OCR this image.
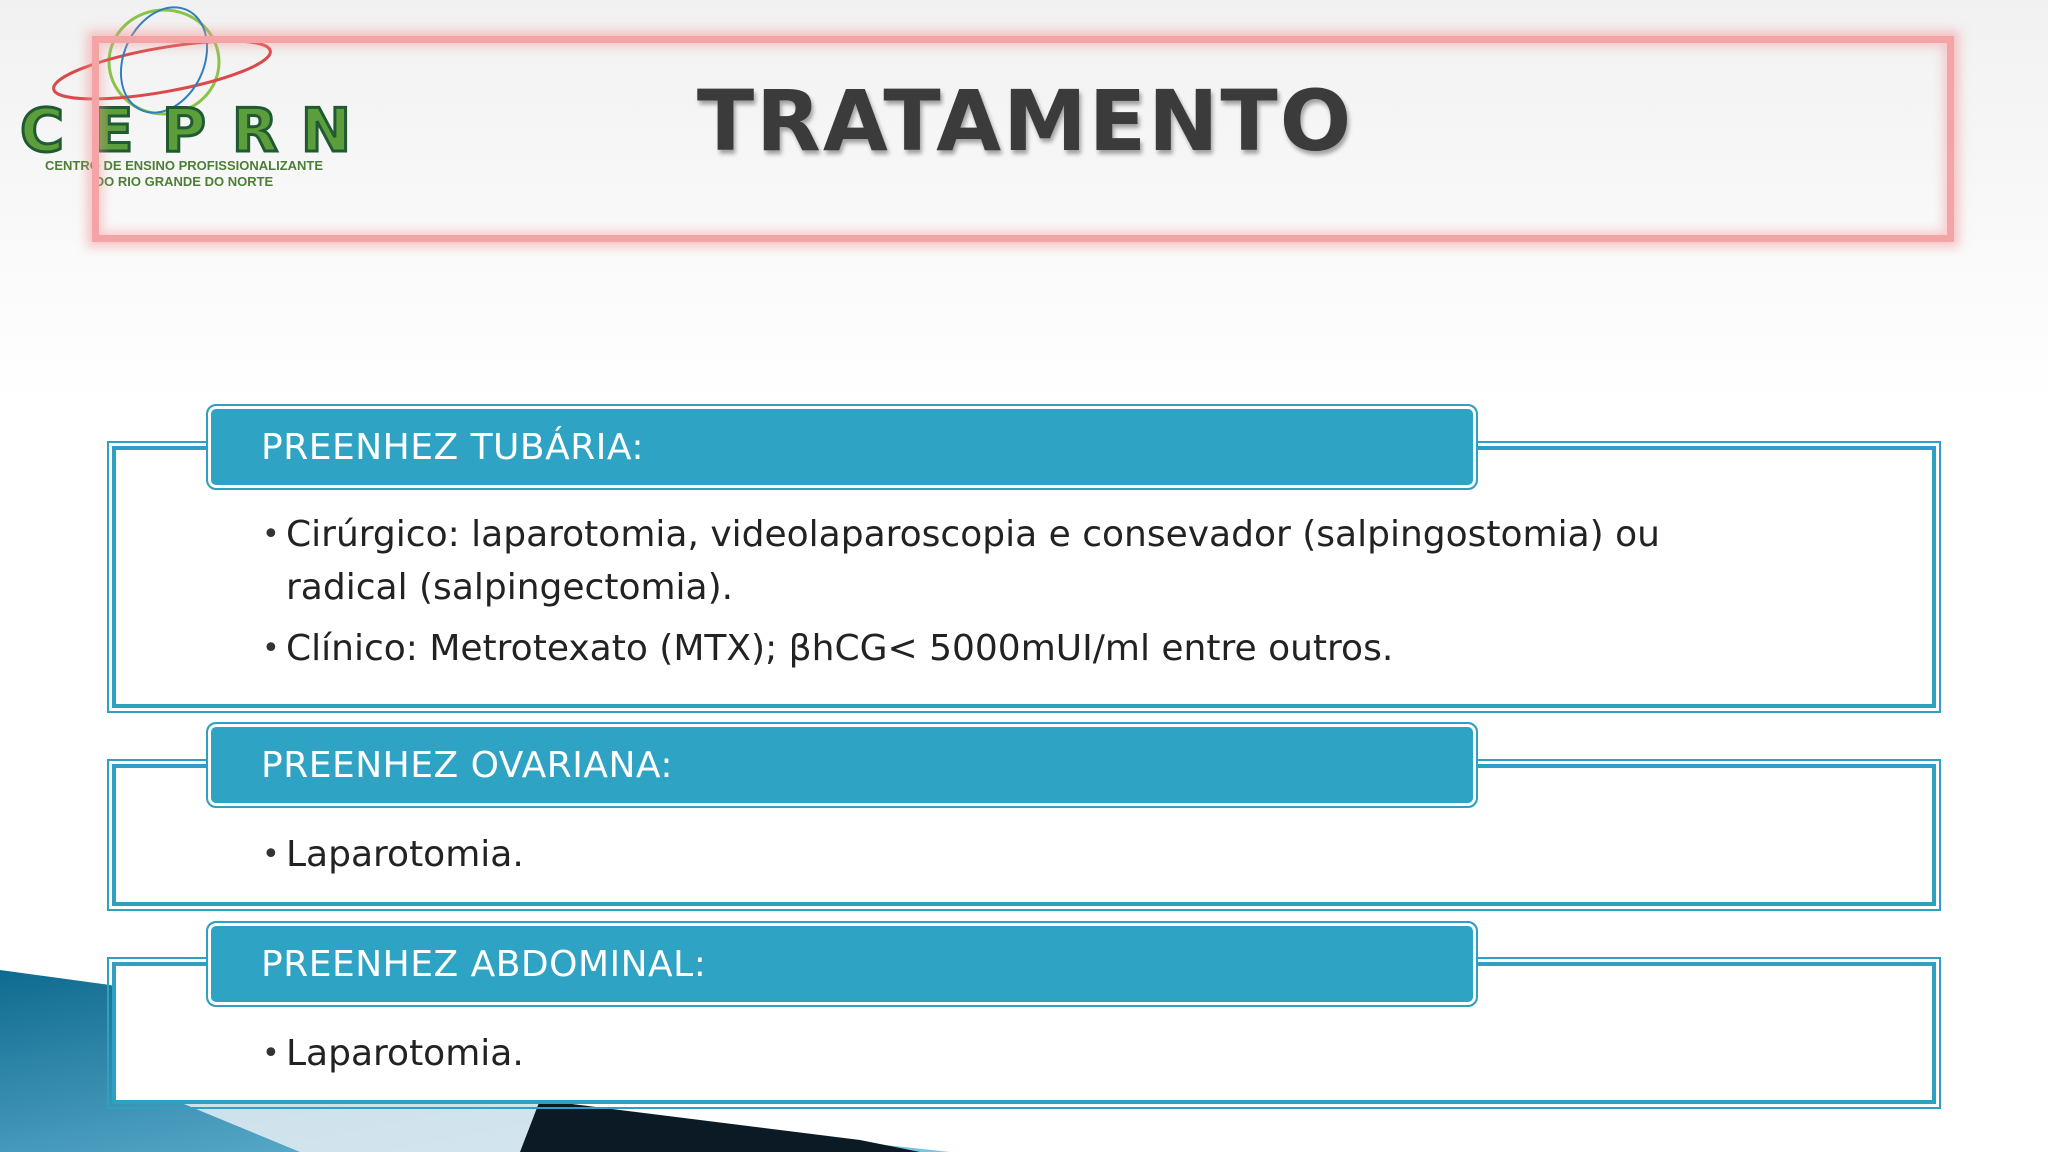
C E P R N
CENTRO DE ENSINO PROFISSIONALIZANTE
DO RIO GRANDE DO NORTE
TRATAMENTO
PREENHEZ TUBÁRIA:
• Cirúrgico: laparotomia, videolaparoscopia e consevador (salpingostomia) ou radical (salpingectomia).
• Clínico: Metrotexato (MTX); βhCG< 5000mUI/ml entre outros.
PREENHEZ OVARIANA:
• Laparotomia.
PREENHEZ ABDOMINAL:
• Laparotomia.
